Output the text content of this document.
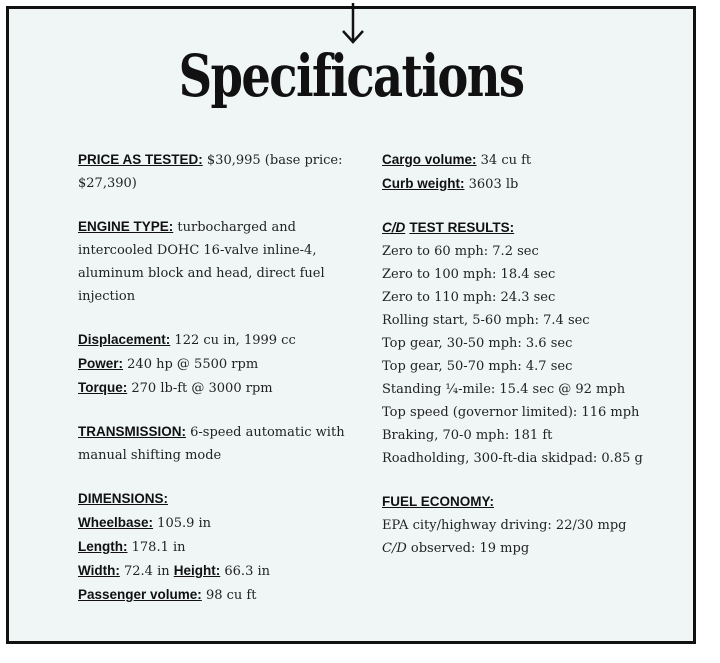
Specifications
PRICE AS TESTED: $30,995 (base price: $27,390)
ENGINE TYPE: turbocharged and intercooled DOHC 16-valve inline-4, aluminum block and head, direct fuel injection
Displacement: 122 cu in, 1999 cc
Power: 240 hp @ 5500 rpm
Torque: 270 lb-ft @ 3000 rpm
TRANSMISSION: 6-speed automatic with manual shifting mode
DIMENSIONS:
Wheelbase: 105.9 in
Length: 178.1 in
Width: 72.4 in Height: 66.3 in
Passenger volume: 98 cu ft
Cargo volume: 34 cu ft
Curb weight: 3603 lb
C/D TEST RESULTS:
Zero to 60 mph: 7.2 sec
Zero to 100 mph: 18.4 sec
Zero to 110 mph: 24.3 sec
Rolling start, 5-60 mph: 7.4 sec
Top gear, 30-50 mph: 3.6 sec
Top gear, 50-70 mph: 4.7 sec
Standing ¼-mile: 15.4 sec @ 92 mph
Top speed (governor limited): 116 mph
Braking, 70-0 mph: 181 ft
Roadholding, 300-ft-dia skidpad: 0.85 g
FUEL ECONOMY:
EPA city/highway driving: 22/30 mpg
C/D observed: 19 mpg
